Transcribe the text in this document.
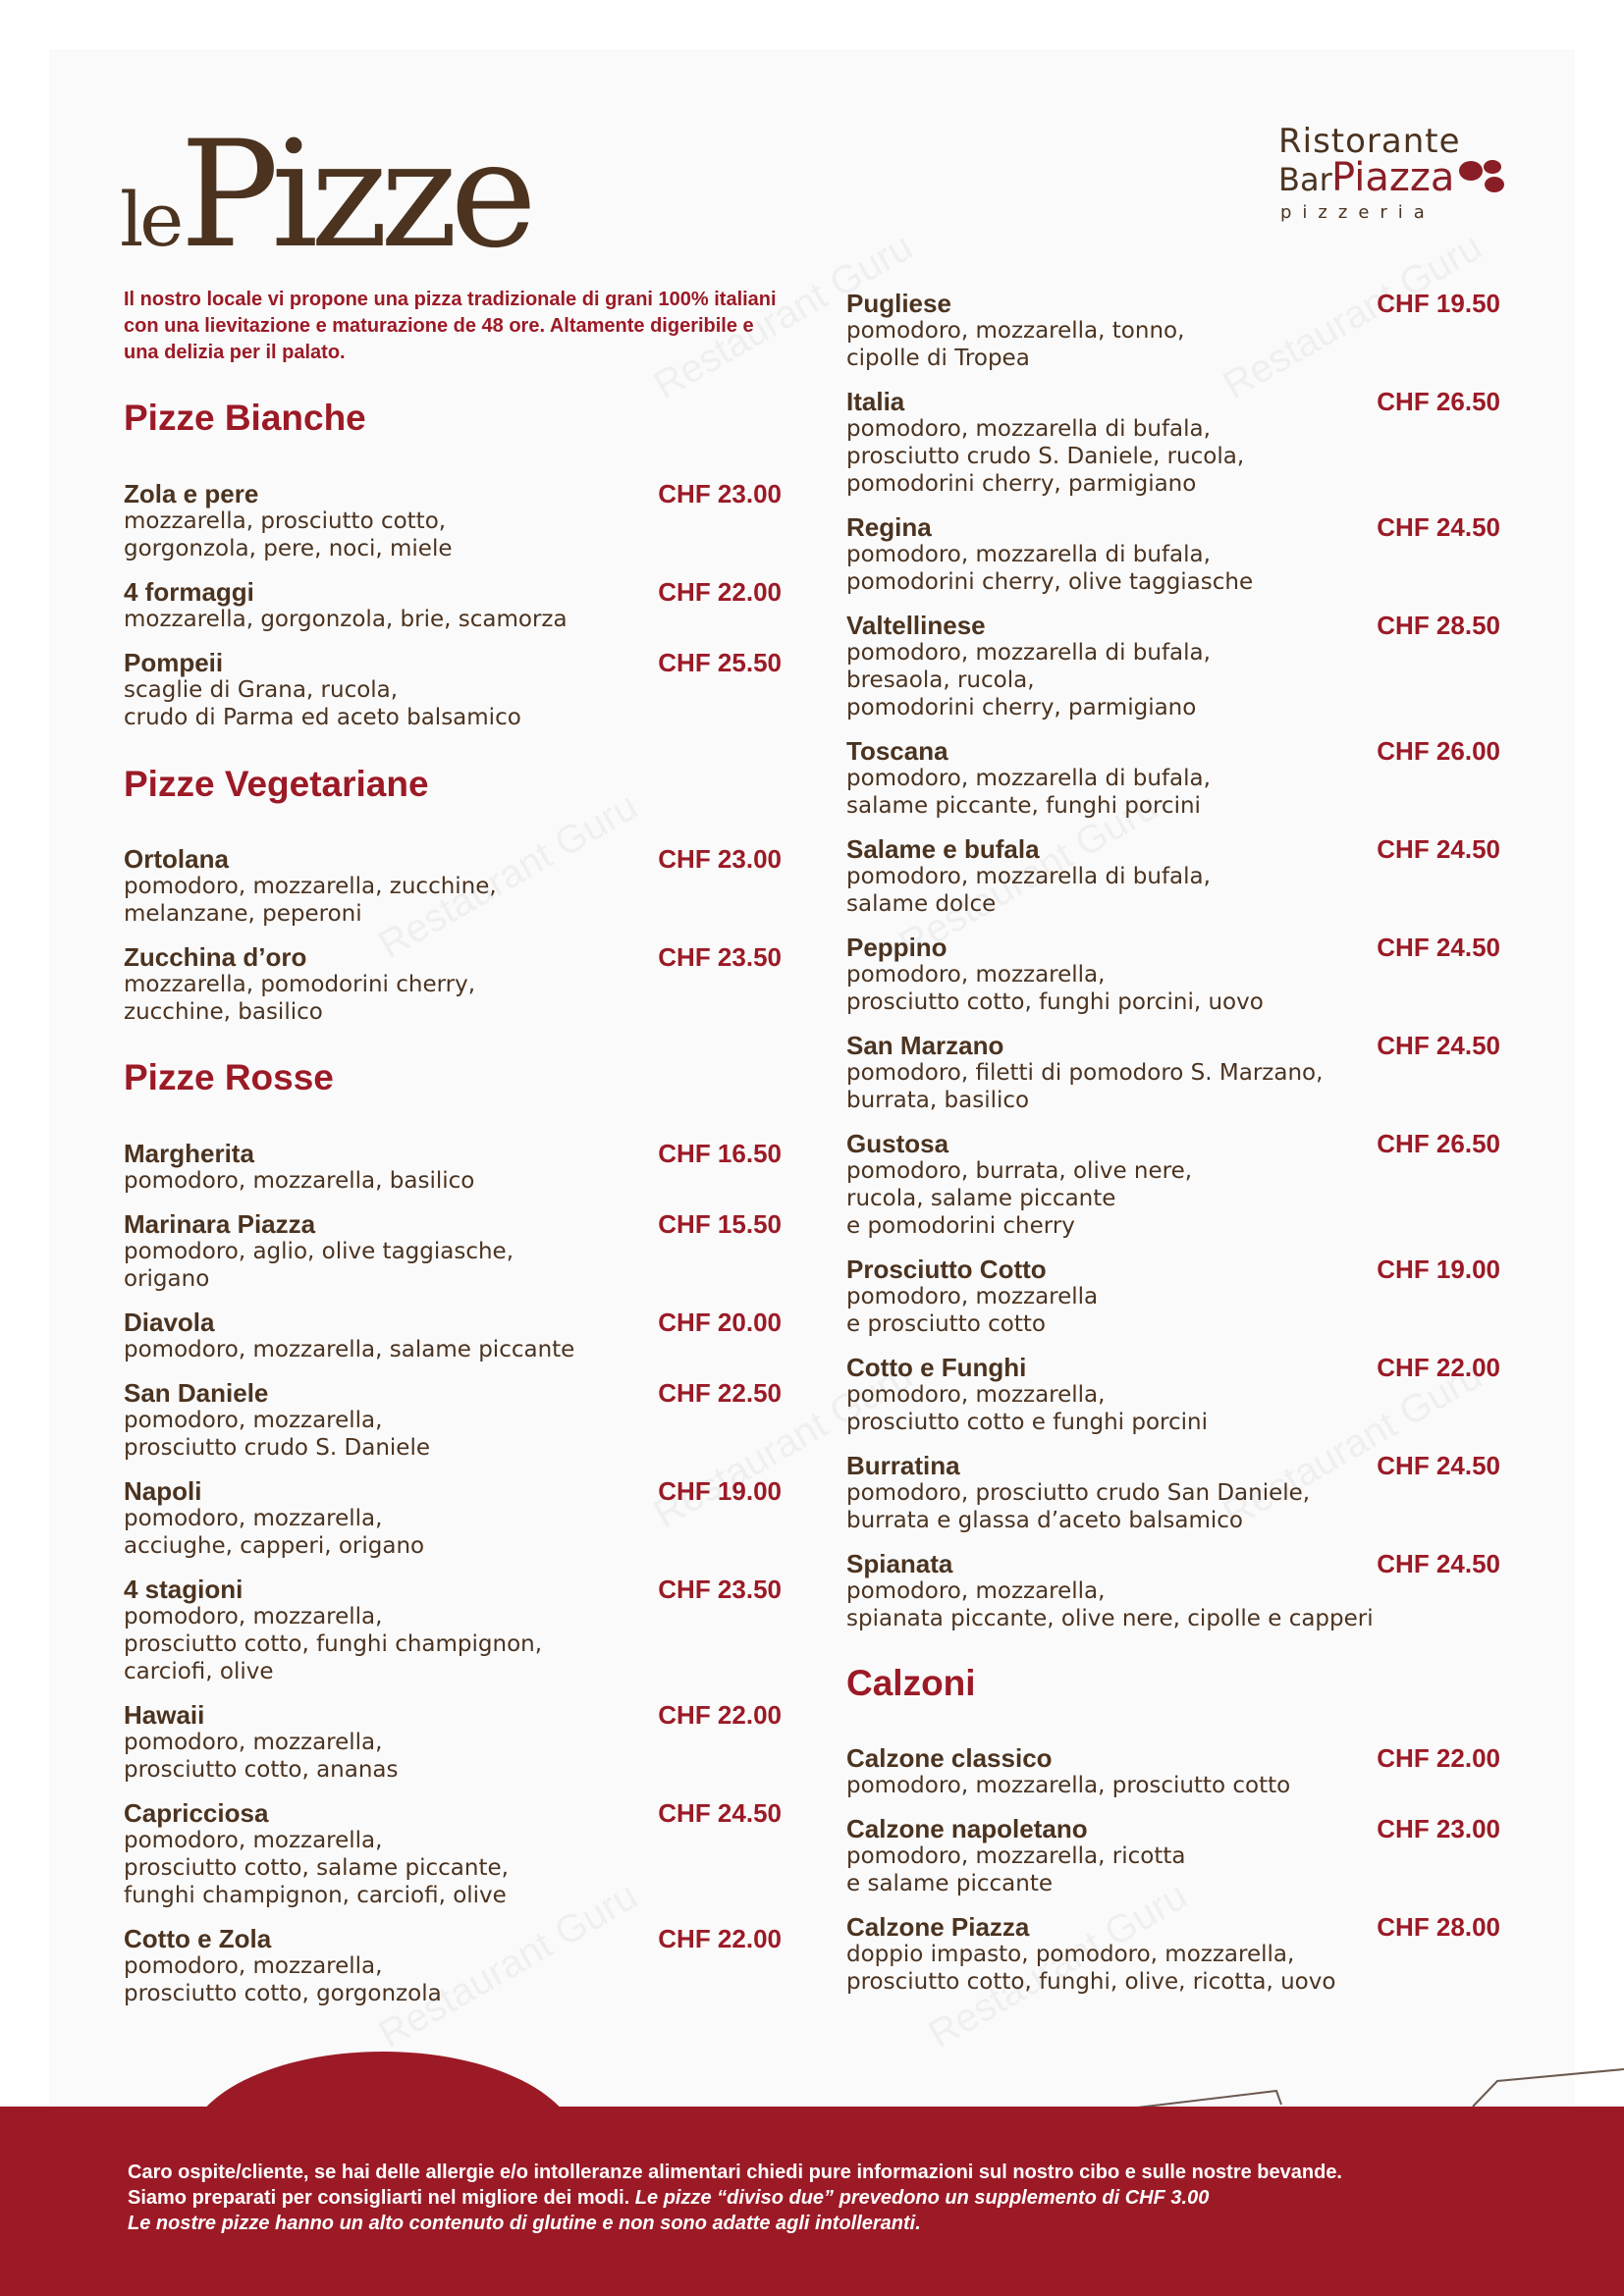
lePizze	Ristorante
Bar Piazza
pizzeria
Il nostro locale vi propone una pizza tradizionale di grani 100% italiani con una lievitazione e maturazione de 48 ore. Altamente digeribile e una delizia per il palato.
Pizze Bianche
Zola e pere	CHF 23.00
mozzarella, prosciutto cotto,
gorgonzola, pere, noci, miele
4 formaggi	CHF 22.00
mozzarella, gorgonzola, brie, scamorza
Pompeii	CHF 25.50
scaglie di Grana, rucola,
crudo di Parma ed aceto balsamico
Pizze Vegetariane
Ortolana	CHF 23.00
pomodoro, mozzarella, zucchine,
melanzane, peperoni
Zucchina d’oro	CHF 23.50
mozzarella, pomodorini cherry,
zucchine, basilico
Pizze Rosse
Margherita	CHF 16.50
pomodoro, mozzarella, basilico
Marinara Piazza	CHF 15.50
pomodoro, aglio, olive taggiasche,
origano
Diavola	CHF 20.00
pomodoro, mozzarella, salame piccante
San Daniele	CHF 22.50
pomodoro, mozzarella,
prosciutto crudo S. Daniele
Napoli	CHF 19.00
pomodoro, mozzarella,
acciughe, capperi, origano
4 stagioni	CHF 23.50
pomodoro, mozzarella,
prosciutto cotto, funghi champignon,
carciofi, olive
Hawaii	CHF 22.00
pomodoro, mozzarella,
prosciutto cotto, ananas
Capricciosa	CHF 24.50
pomodoro, mozzarella,
prosciutto cotto, salame piccante,
funghi champignon, carciofi, olive
Cotto e Zola	CHF 22.00
pomodoro, mozzarella,
prosciutto cotto, gorgonzola
Pugliese	CHF 19.50
pomodoro, mozzarella, tonno,
cipolle di Tropea
Italia	CHF 26.50
pomodoro, mozzarella di bufala,
prosciutto crudo S. Daniele, rucola,
pomodorini cherry, parmigiano
Regina	CHF 24.50
pomodoro, mozzarella di bufala,
pomodorini cherry, olive taggiasche
Valtellinese	CHF 28.50
pomodoro, mozzarella di bufala,
bresaola, rucola,
pomodorini cherry, parmigiano
Toscana	CHF 26.00
pomodoro, mozzarella di bufala,
salame piccante, funghi porcini
Salame e bufala	CHF 24.50
pomodoro, mozzarella di bufala,
salame dolce
Peppino	CHF 24.50
pomodoro, mozzarella,
prosciutto cotto, funghi porcini, uovo
San Marzano	CHF 24.50
pomodoro, filetti di pomodoro S. Marzano,
burrata, basilico
Gustosa	CHF 26.50
pomodoro, burrata, olive nere,
rucola, salame piccante
e pomodorini cherry
Prosciutto Cotto	CHF 19.00
pomodoro, mozzarella
e prosciutto cotto
Cotto e Funghi	CHF 22.00
pomodoro, mozzarella,
prosciutto cotto e funghi porcini
Burratina	CHF 24.50
pomodoro, prosciutto crudo San Daniele,
burrata e glassa d’aceto balsamico
Spianata	CHF 24.50
pomodoro, mozzarella,
spianata piccante, olive nere, cipolle e capperi
Calzoni
Calzone classico	CHF 22.00
pomodoro, mozzarella, prosciutto cotto
Calzone napoletano	CHF 23.00
pomodoro, mozzarella, ricotta
e salame piccante
Calzone Piazza	CHF 28.00
doppio impasto, pomodoro, mozzarella,
prosciutto cotto, funghi, olive, ricotta, uovo
Caro ospite/cliente, se hai delle allergie e/o intolleranze alimentari chiedi pure informazioni sul nostro cibo e sulle nostre bevande.
Siamo preparati per consigliarti nel migliore dei modi. Le pizze “diviso due” prevedono un supplemento di CHF 3.00
Le nostre pizze hanno un alto contenuto di glutine e non sono adatte agli intolleranti.
